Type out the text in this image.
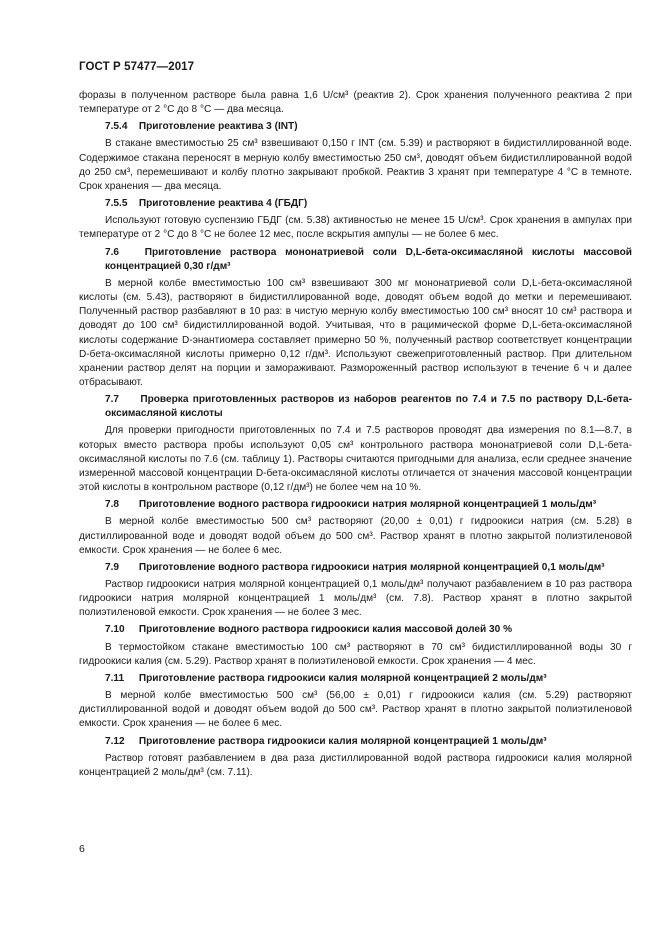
ГОСТ Р 57477—2017

форазы в полученном растворе была равна 1,6 U/см³ (реактив 2). Срок хранения полученного реактива 2 при температуре от 2 °С до 8 °С — два месяца.

7.5.4 Приготовление реактива 3 (INT)

В стакане вместимостью 25 см³ взвешивают 0,150 г INT (см. 5.39) и растворяют в бидистиллированной воде. Содержимое стакана переносят в мерную колбу вместимостью 250 см³, доводят объем бидистиллированной водой до 250 см³, перемешивают и колбу плотно закрывают пробкой. Реактив 3 хранят при температуре 4 °С в темноте. Срок хранения — два месяца.

7.5.5 Приготовление реактива 4 (ГБДГ)

Используют готовую суспензию ГБДГ (см. 5.38) активностью не менее 15 U/см³. Срок хранения в ампулах при температуре от 2 °С до 8 °С не более 12 мес, после вскрытия ампулы — не более 6 мес.

7.6	Приготовление раствора мононатриевой соли D,L-бета-оксимасляной кислоты массовой концентрацией 0,30 г/дм³

В мерной колбе вместимостью 100 см³ взвешивают 300 мг мононатриевой соли D,L-бета-оксимасляной кислоты (см. 5.43), растворяют в бидистиллированной воде, доводят объем водой до метки и перемешивают. Полученный раствор разбавляют в 10 раз: в чистую мерную колбу вместимостью 100 см³ вносят 10 см³ раствора и доводят до 100 см³ бидистиллированной водой. Учитывая, что в рацимической форме D,L-бета-оксимасляной кислоты содержание D-энантиомера составляет примерно 50 %, полученный раствор соответствует концентрации D-бета-оксимасляной кислоты примерно 0,12 г/дм³. Используют свежеприготовленный раствор. При длительном хранении раствор делят на порции и замораживают. Размороженный раствор используют в течение 6 ч и далее отбрасывают.

7.7 Проверка приготовленных растворов из наборов реагентов по 7.4 и 7.5 по раствору D,L-бета-оксимасляной кислоты

Для проверки пригодности приготовленных по 7.4 и 7.5 растворов проводят два измерения по 8.1—8.7, в которых вместо раствора пробы используют 0,05 см³ контрольного раствора мононатриевой соли D,L-бета-оксимасляной кислоты по 7.6 (см. таблицу 1). Растворы считаются пригодными для анализа, если среднее значение измеренной массовой концентрации D-бета-оксимасляной кислоты отличается от значения массовой концентрации этой кислоты в контрольном растворе (0,12 г/дм³) не более чем на 10 %.

7.8 Приготовление водного раствора гидроокиси натрия молярной концентрацией 1 моль/дм³

В мерной колбе вместимостью 500 см³ растворяют (20,00 ± 0,01) г гидроокиси натрия (см. 5.28) в дистиллированной воде и доводят водой объем до 500 см³. Раствор хранят в плотно закрытой полиэтиленовой емкости. Срок хранения — не более 6 мес.

7.9 Приготовление водного раствора гидроокиси натрия молярной концентрацией 0,1 моль/дм³

Раствор гидроокиси натрия молярной концентрацией 0,1 моль/дм³ получают разбавлением в 10 раз раствора гидроокиси натрия молярной концентрацией 1 моль/дм³ (см. 7.8). Раствор хранят в плотно закрытой полиэтиленовой емкости. Срок хранения — не более 3 мес.

7.10 Приготовление водного раствора гидроокиси калия массовой долей 30 %

В термостойком стакане вместимостью 100 см³ растворяют в 70 см³ бидистиллированной воды 30 г гидроокиси калия (см. 5.29). Раствор хранят в полиэтиленовой емкости. Срок хранения — 4 мес.

7.11 Приготовление раствора гидроокиси калия молярной концентрацией 2 моль/дм³

В мерной колбе вместимостью 500 см³ (56,00 ± 0,01) г гидроокиси калия (см. 5.29) растворяют дистиллированной водой и доводят объем водой до 500 см³. Раствор хранят в плотно закрытой полиэтиленовой емкости. Срок хранения — не более 6 мес.

7.12 Приготовление раствора гидроокиси калия молярной концентрацией 1 моль/дм³

Раствор готовят разбавлением в два раза дистиллированной водой раствора гидроокиси калия молярной концентрацией 2 моль/дм³ (см. 7.11).

6
